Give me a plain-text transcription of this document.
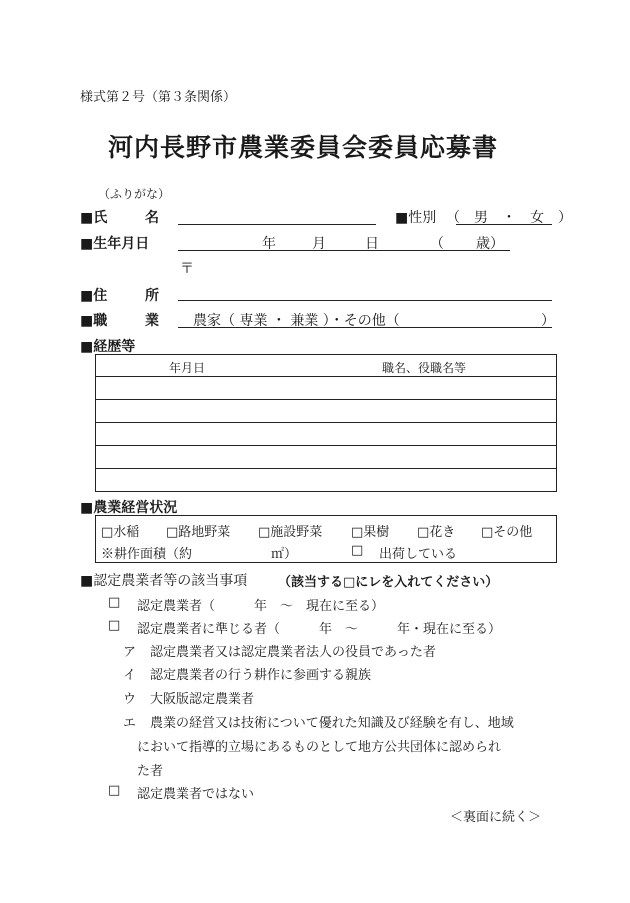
様式第２号（第３条関係）
河内長野市農業委員会委員応募書
（ふりがな）
■氏	名	■性別 （　男　・　女　）
■生年月日	年	月	日	（ 歳）
〒
■住	所
■職	業 農家（ 専業 ・ 兼業 ）・その他（	）
■経歴等
年月日	職名、役職名等

■農業経営状況
□水稲 □路地野菜 □施設野菜 □果樹 □花き □その他
※耕作面積（約	㎡）	□ 出荷している
■認定農業者等の該当事項 （該当する□にレを入れてください）
□ 認定農業者（　　　年　～　現在に至る）
□ 認定農業者に準じる者（　　　年　～　　　年・現在に至る）
ア 認定農業者又は認定農業者法人の役員であった者
イ 認定農業者の行う耕作に参画する親族
ウ 大阪版認定農業者
エ 農業の経営又は技術について優れた知識及び経験を有し、地域
において指導的立場にあるものとして地方公共団体に認められ
た者
□ 認定農業者ではない
＜裏面に続く＞
